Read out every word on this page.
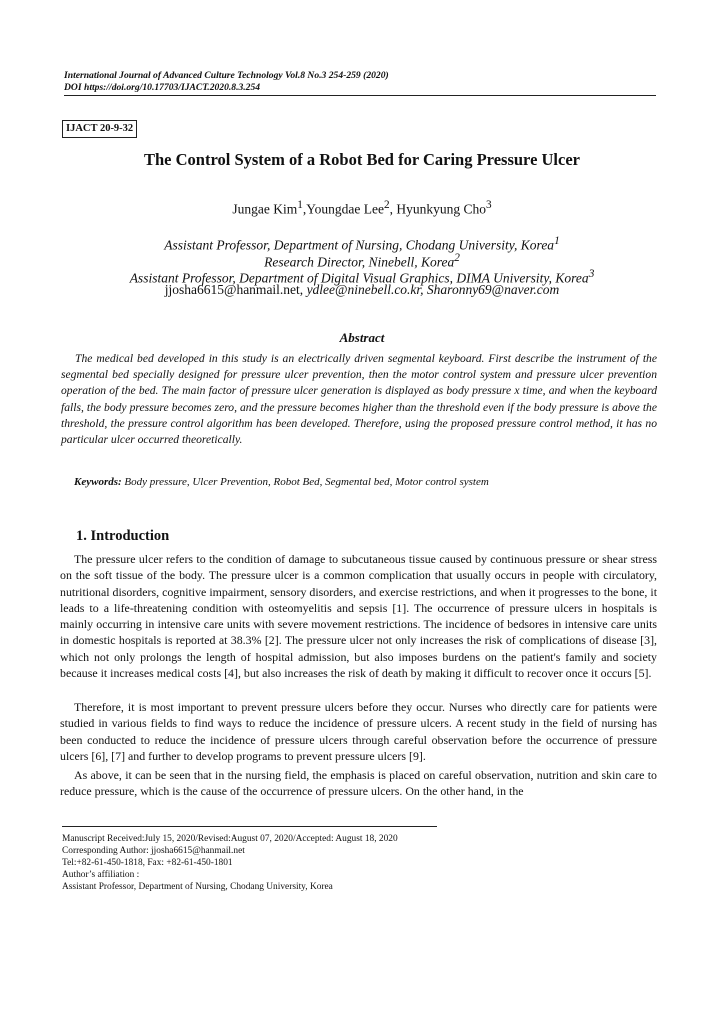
International Journal of Advanced Culture Technology Vol.8 No.3 254-259 (2020)
DOI https://doi.org/10.17703/IJACT.2020.8.3.254
IJACT 20-9-32
The Control System of a Robot Bed for Caring Pressure Ulcer
Jungae Kim$^1$,Youngdae Lee$^2$, Hyunkyung Cho$^3$
Assistant Professor, Department of Nursing, Chodang University, Korea$^1$
Research Director, Ninebell, Korea$^2$
Assistant Professor, Department of Digital Visual Graphics, DIMA University, Korea$^3$
jjosha6615@hanmail.net, ydlee@ninebell.co.kr, Sharonny69@naver.com
Abstract
The medical bed developed in this study is an electrically driven segmental keyboard. First describe the instrument of the segmental bed specially designed for pressure ulcer prevention, then the motor control system and pressure ulcer prevention operation of the bed. The main factor of pressure ulcer generation is displayed as body pressure x time, and when the keyboard falls, the body pressure becomes zero, and the pressure becomes higher than the threshold even if the body pressure is above the threshold, the pressure control algorithm has been developed. Therefore, using the proposed pressure control method, it has no particular ulcer occurred theoretically.
Keywords: Body pressure, Ulcer Prevention, Robot Bed, Segmental bed, Motor control system
1. Introduction
The pressure ulcer refers to the condition of damage to subcutaneous tissue caused by continuous pressure or shear stress on the soft tissue of the body. The pressure ulcer is a common complication that usually occurs in people with circulatory, nutritional disorders, cognitive impairment, sensory disorders, and exercise restrictions, and when it progresses to the bone, it leads to a life-threatening condition with osteomyelitis and sepsis [1]. The occurrence of pressure ulcers in hospitals is mainly occurring in intensive care units with severe movement restrictions. The incidence of bedsores in intensive care units in domestic hospitals is reported at 38.3% [2]. The pressure ulcer not only increases the risk of complications of disease [3], which not only prolongs the length of hospital admission, but also imposes burdens on the patient's family and society because it increases medical costs [4], but also increases the risk of death by making it difficult to recover once it occurs [5].
Therefore, it is most important to prevent pressure ulcers before they occur. Nurses who directly care for patients were studied in various fields to find ways to reduce the incidence of pressure ulcers. A recent study in the field of nursing has been conducted to reduce the incidence of pressure ulcers through careful observation before the occurrence of pressure ulcers [6], [7] and further to develop programs to prevent pressure ulcers [9].
As above, it can be seen that in the nursing field, the emphasis is placed on careful observation, nutrition and skin care to reduce pressure, which is the cause of the occurrence of pressure ulcers. On the other hand, in the
Manuscript Received:July 15, 2020/Revised:August 07, 2020/Accepted: August 18, 2020
Corresponding Author: jjosha6615@hanmail.net
Tel:+82-61-450-1818, Fax: +82-61-450-1801
Author’s affiliation :
Assistant Professor, Department of Nursing, Chodang University, Korea
